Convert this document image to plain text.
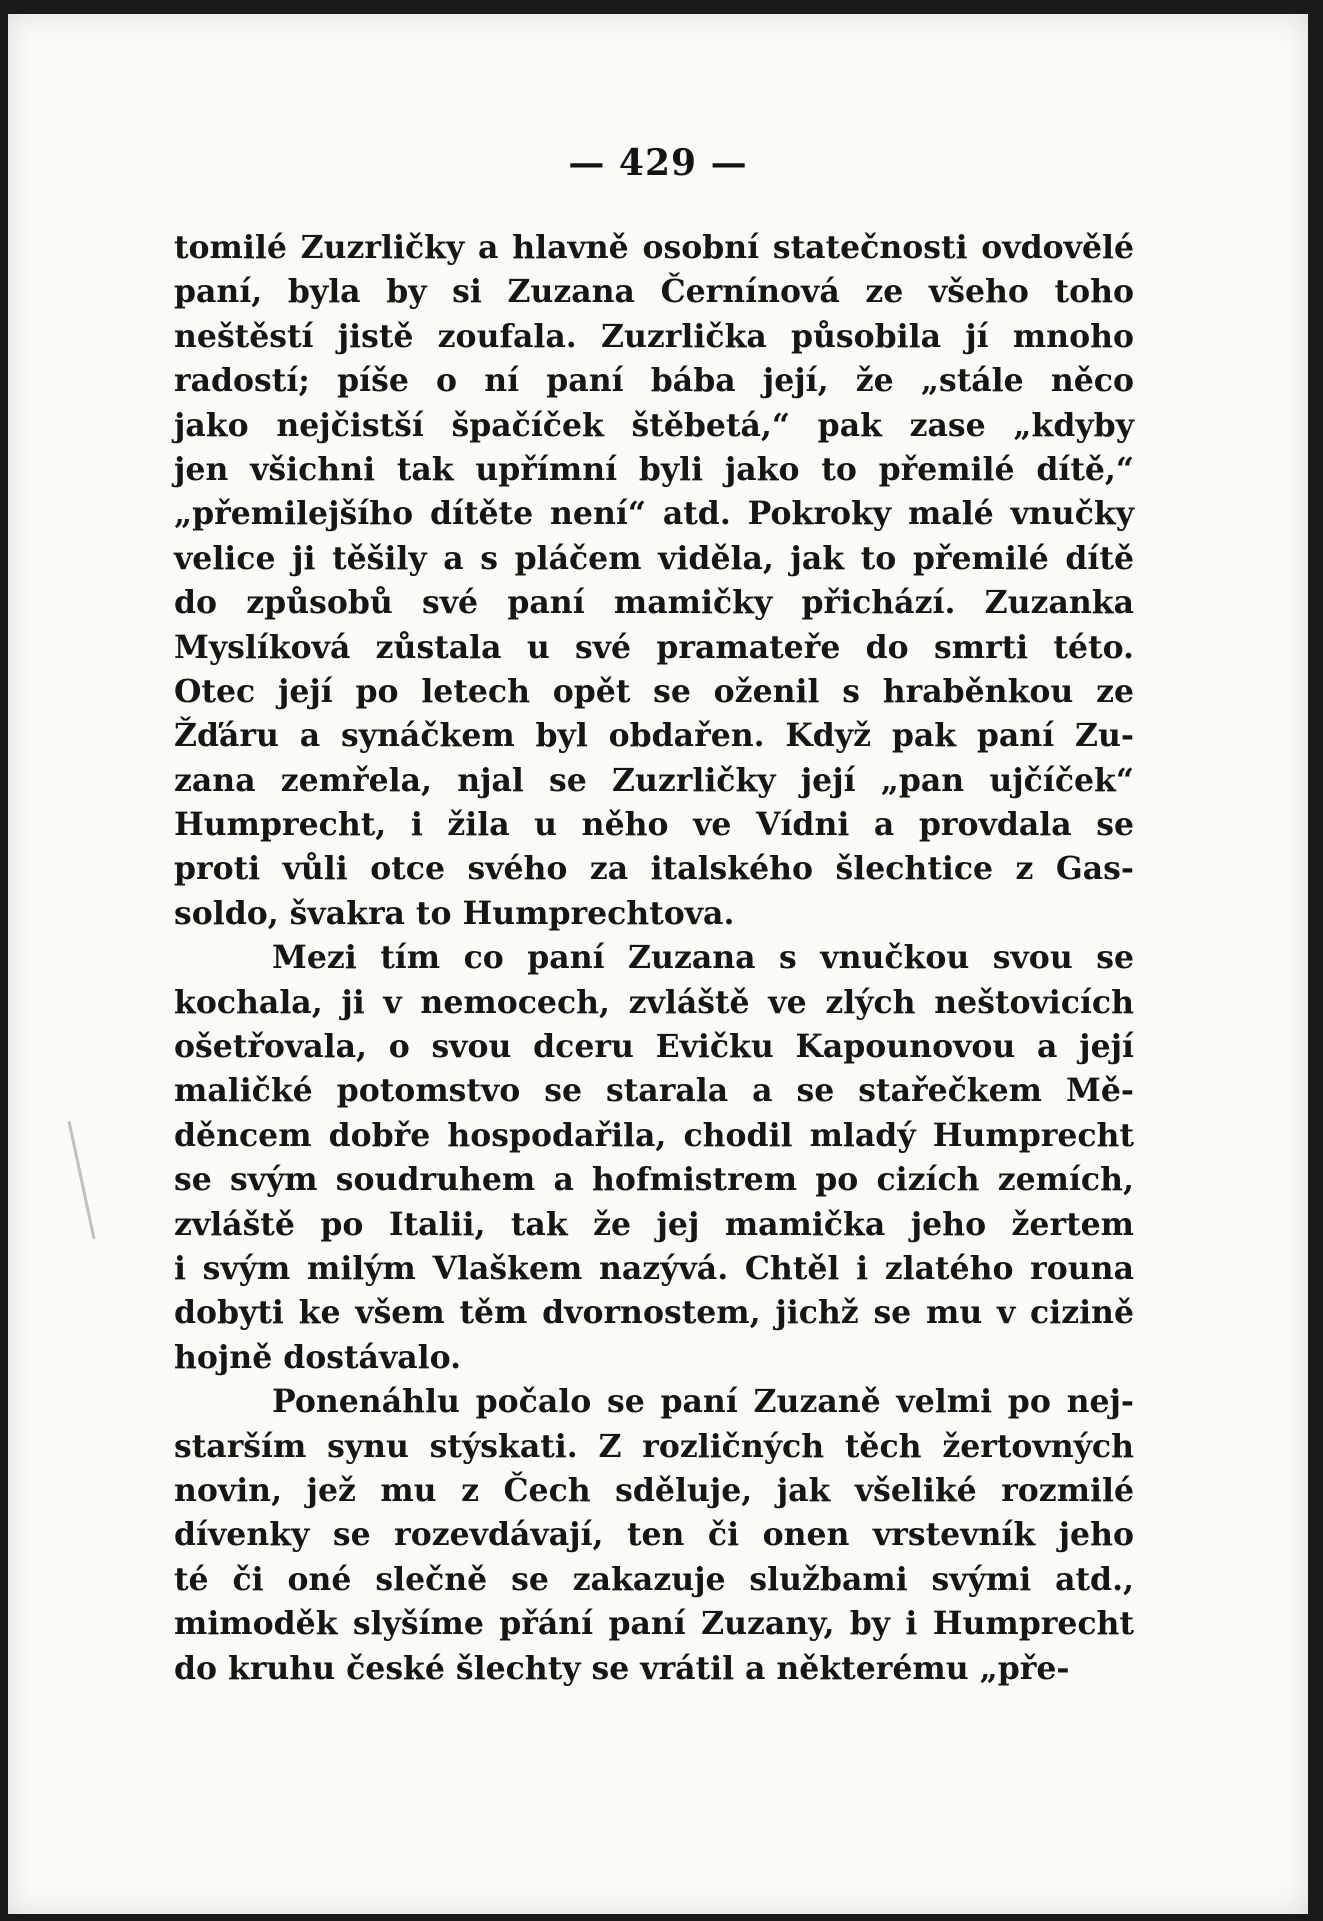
— 429 —
tomilé Zuzrličky a hlavně osobní statečnosti ovdovělé
paní, byla by si Zuzana Černínová ze všeho toho
neštěstí jistě zoufala. Zuzrlička působila jí mnoho
radostí; píše o ní paní bába její, že „stále něco
jako nejčistší špačíček štěbetá,“ pak zase „kdyby
jen všichni tak upřímní byli jako to přemilé dítě,“
„přemilejšího dítěte není“ atd. Pokroky malé vnučky
velice ji těšily a s pláčem viděla, jak to přemilé dítě
do způsobů své paní mamičky přichází. Zuzanka
Myslíková zůstala u své pramateře do smrti této.
Otec její po letech opět se oženil s hraběnkou ze
Žďáru a synáčkem byl obdařen. Když pak paní Zu-
zana zemřela, njal se Zuzrličky její „pan ujčíček“
Humprecht, i žila u něho ve Vídni a provdala se
proti vůli otce svého za italského šlechtice z Gas-
soldo, švakra to Humprechtova.
Mezi tím co paní Zuzana s vnučkou svou se
kochala, ji v nemocech, zvláště ve zlých neštovicích
ošetřovala, o svou dceru Evičku Kapounovou a její
maličké potomstvo se starala a se stařečkem Mě-
děncem dobře hospodařila, chodil mladý Humprecht
se svým soudruhem a hofmistrem po cizích zemích,
zvláště po Italii, tak že jej mamička jeho žertem
i svým milým Vlaškem nazývá. Chtěl i zlatého rouna
dobyti ke všem těm dvornostem, jichž se mu v cizině
hojně dostávalo.
Ponenáhlu počalo se paní Zuzaně velmi po nej-
starším synu stýskati. Z rozličných těch žertovných
novin, jež mu z Čech sděluje, jak všeliké rozmilé
dívenky se rozevdávají, ten či onen vrstevník jeho
té či oné slečně se zakazuje službami svými atd.,
mimoděk slyšíme přání paní Zuzany, by i Humprecht
do kruhu české šlechty se vrátil a některému „pře-
